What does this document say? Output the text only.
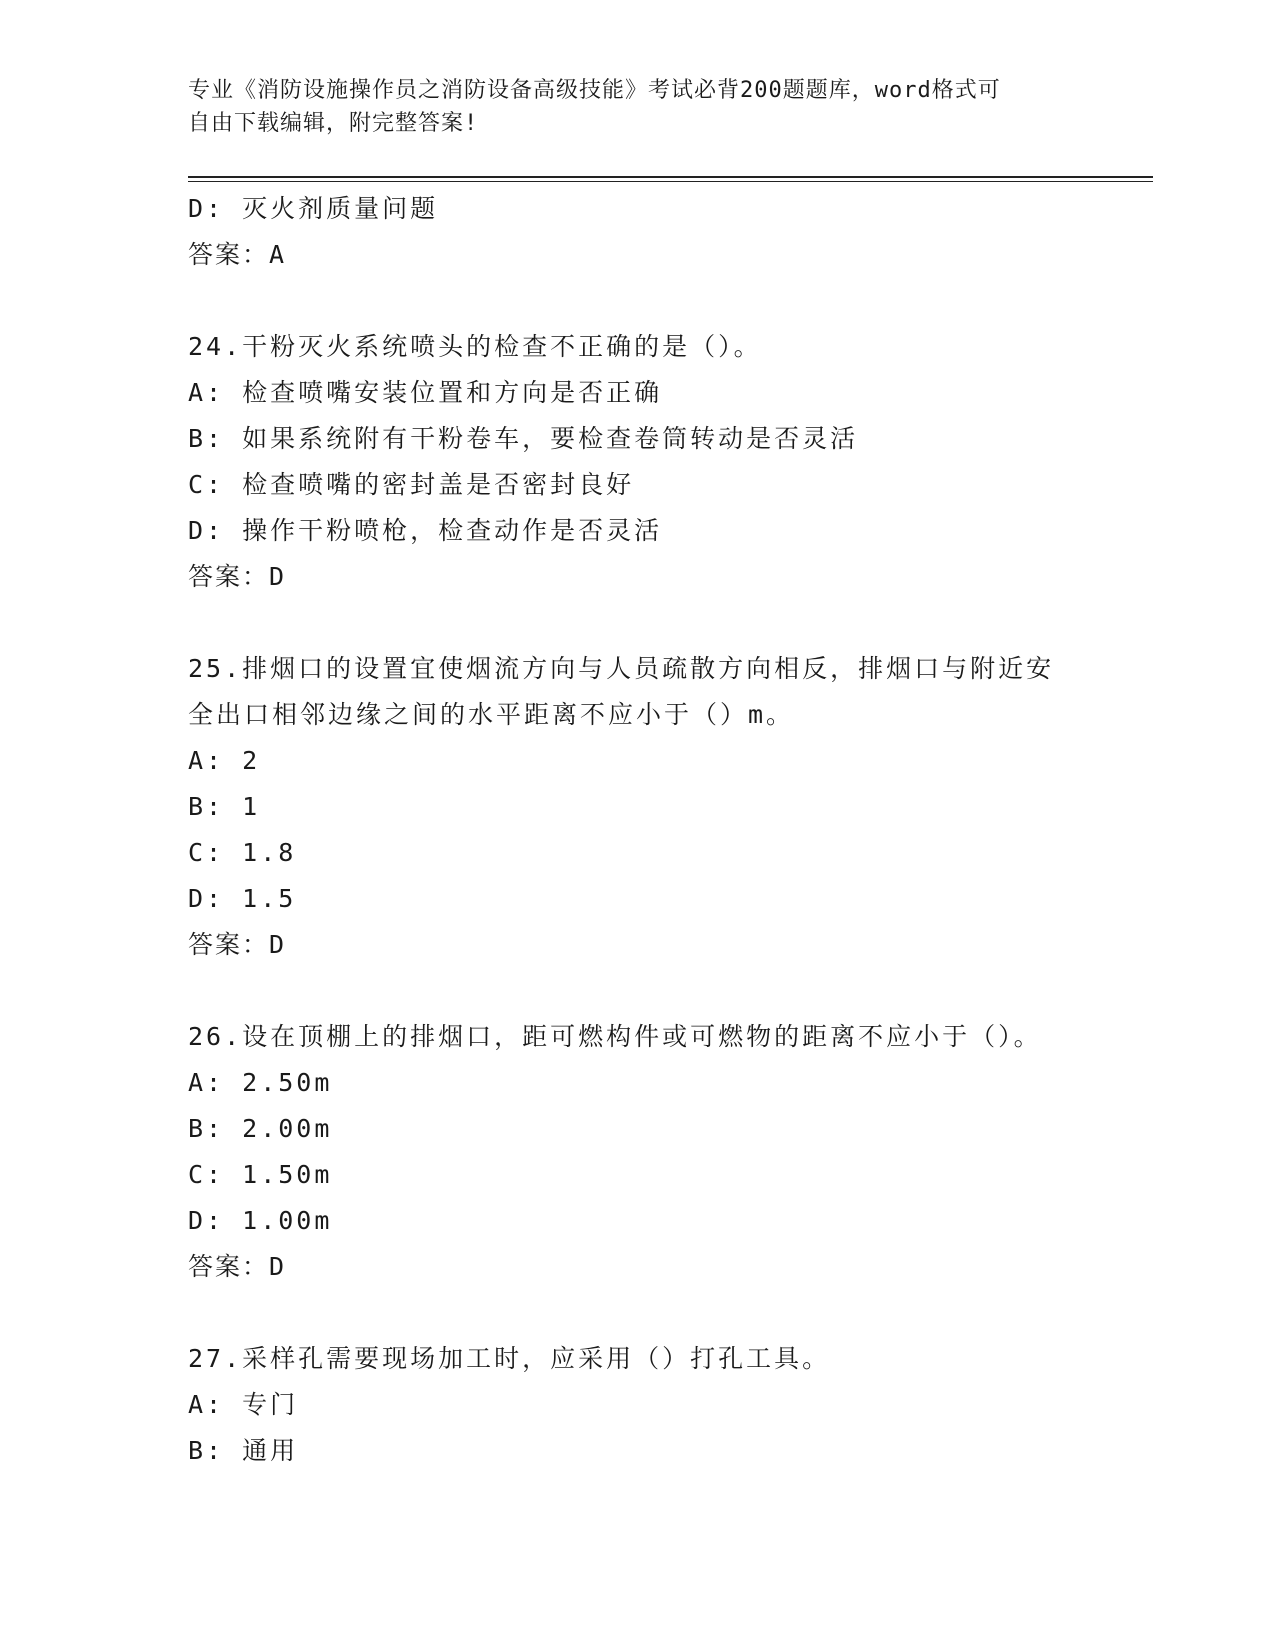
专业《消防设施操作员之消防设备高级技能》考试必背200题题库，word格式可
自由下载编辑，附完整答案!
D: 灭火剂质量问题
答案：A
24.干粉灭火系统喷头的检查不正确的是（）。
A: 检查喷嘴安装位置和方向是否正确
B: 如果系统附有干粉卷车，要检查卷筒转动是否灵活
C: 检查喷嘴的密封盖是否密封良好
D: 操作干粉喷枪，检查动作是否灵活
答案：D
25.排烟口的设置宜使烟流方向与人员疏散方向相反，排烟口与附近安
全出口相邻边缘之间的水平距离不应小于（）m。
A: 2
B: 1
C: 1.8
D: 1.5
答案：D
26.设在顶棚上的排烟口，距可燃构件或可燃物的距离不应小于（）。
A: 2.50m
B: 2.00m
C: 1.50m
D: 1.00m
答案：D
27.采样孔需要现场加工时，应采用（）打孔工具。
A: 专门
B: 通用
